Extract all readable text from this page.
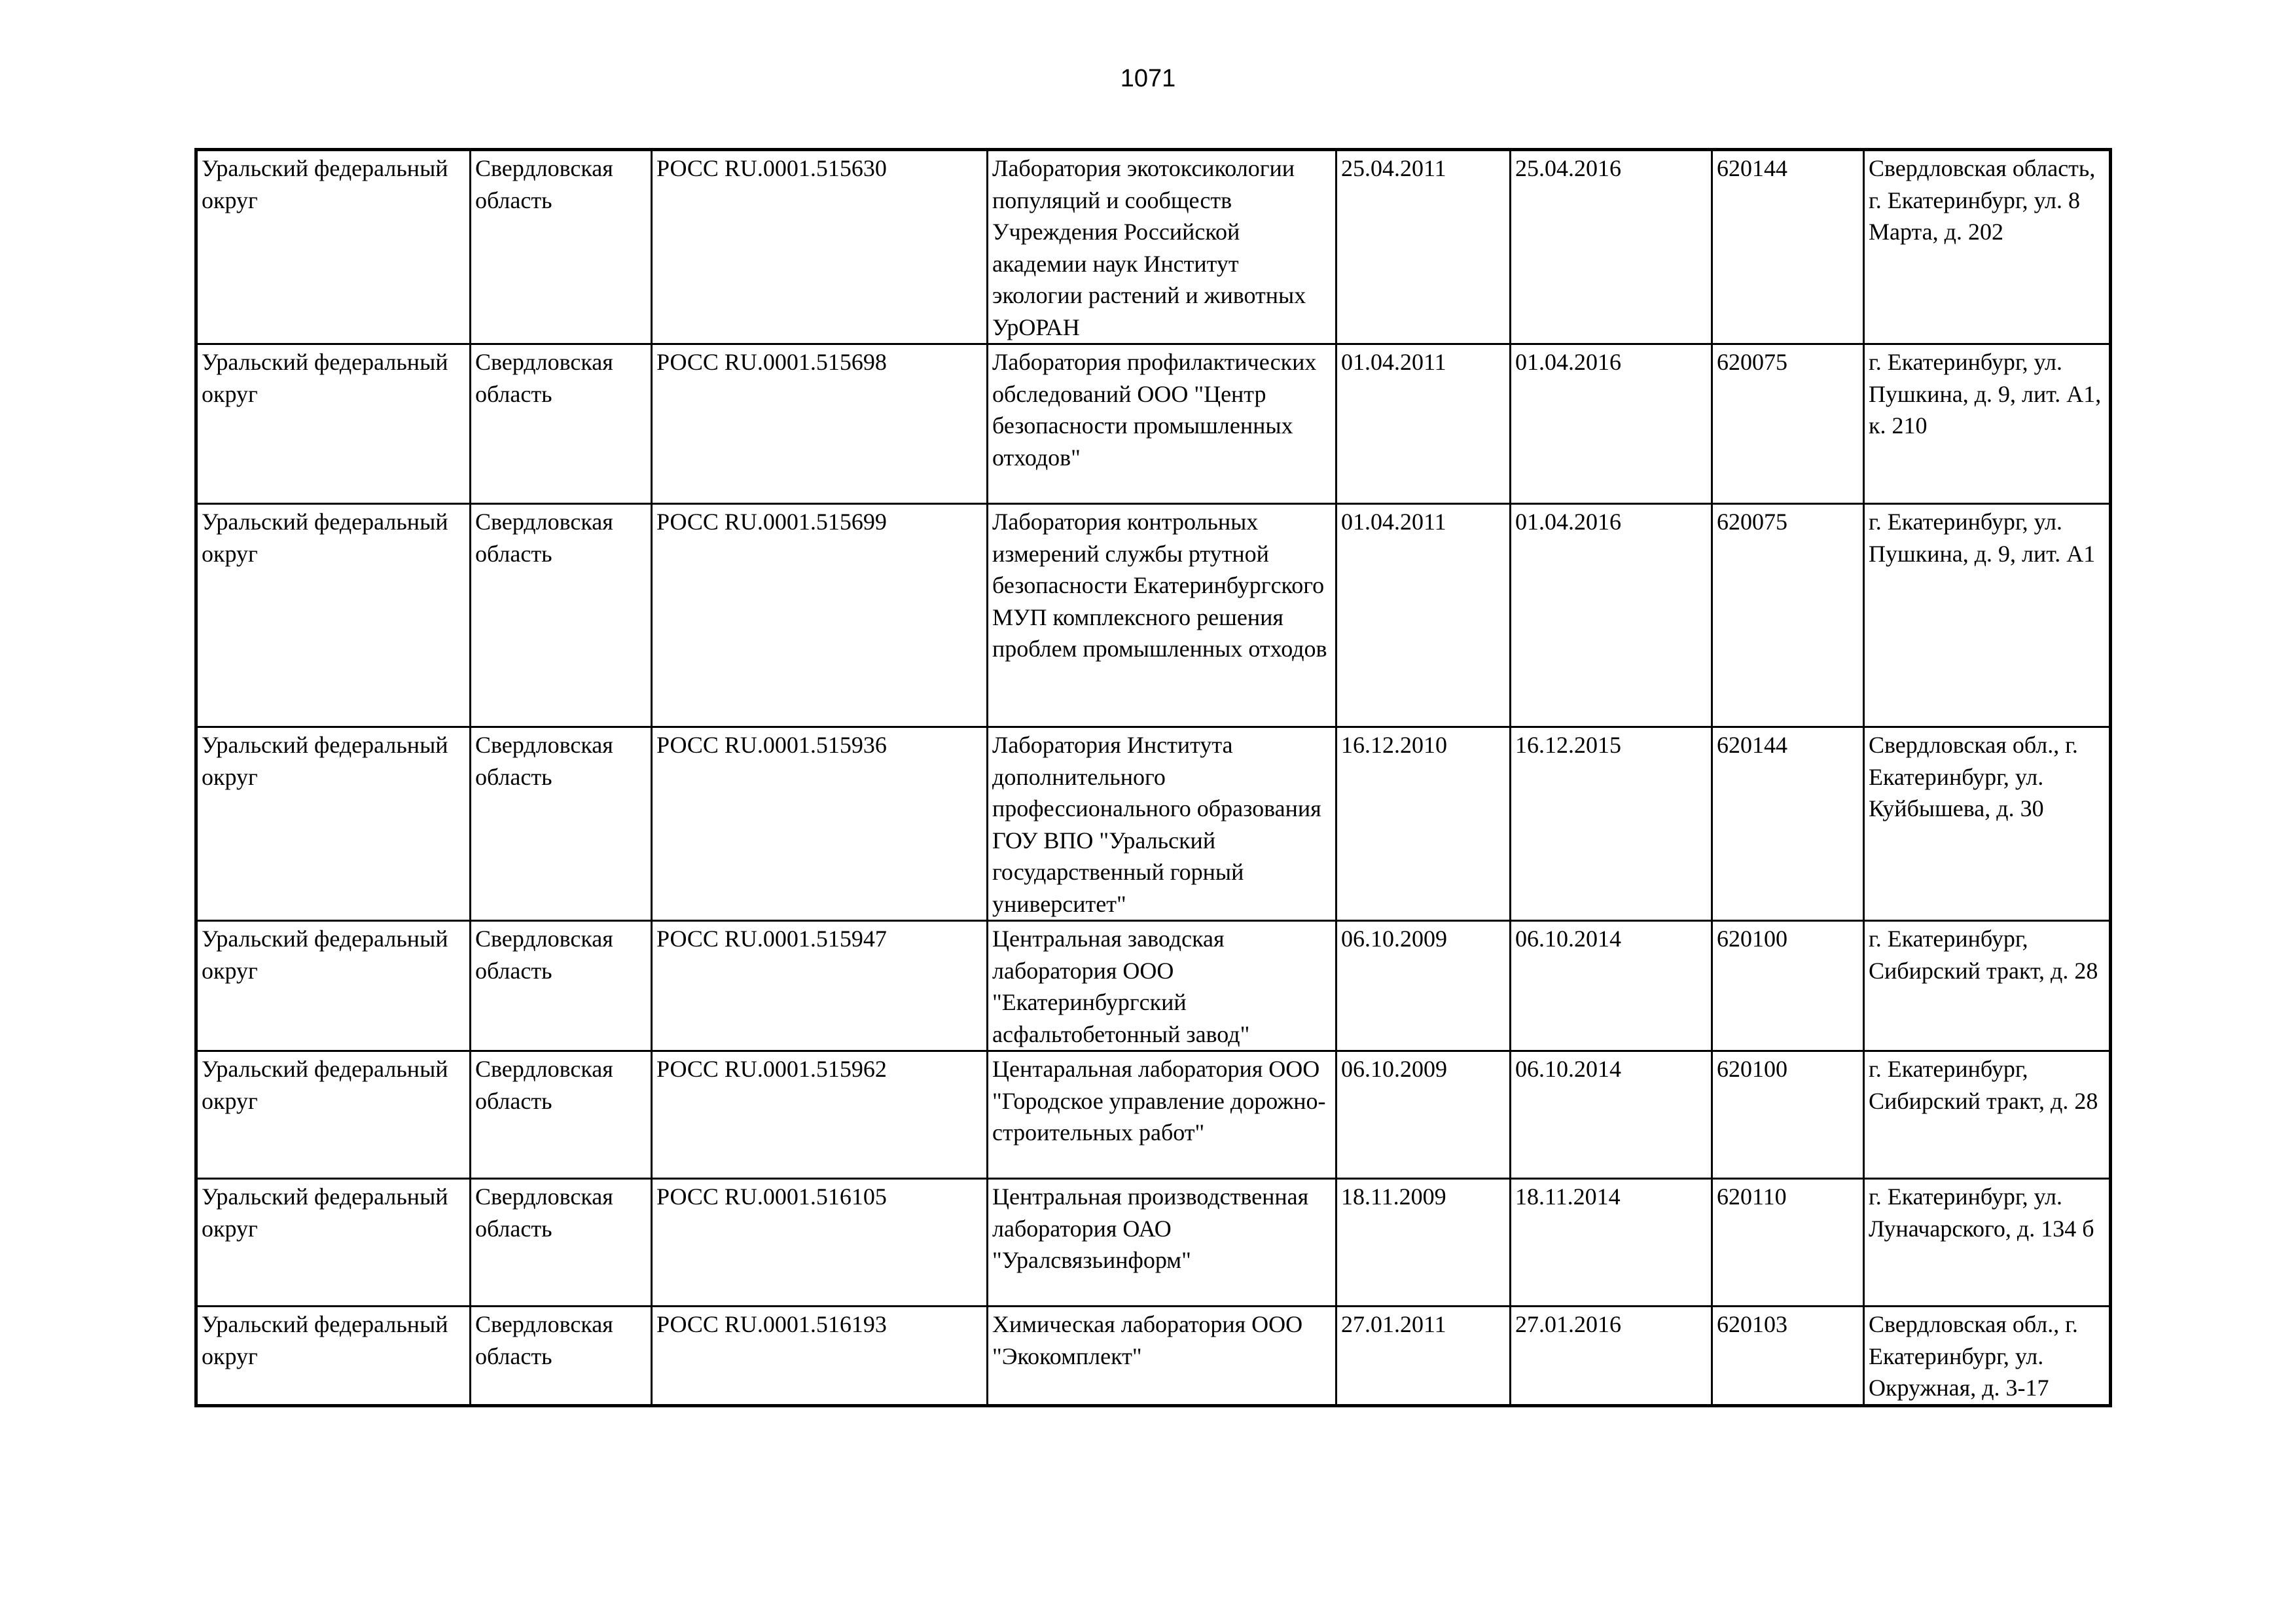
1071
Уральский федеральный округ	Свердловская область	РОСС RU.0001.515630	Лаборатория экотоксикологии популяций и сообществ Учреждения Российской академии наук Институт экологии растений и животных УрОРАН	25.04.2011	25.04.2016	620144	Свердловская область, г. Екатеринбург, ул. 8 Марта, д. 202
Уральский федеральный округ	Свердловская область	РОСС RU.0001.515698	Лаборатория профилактических обследований ООО "Центр безопасности промышленных отходов"	01.04.2011	01.04.2016	620075	г. Екатеринбург, ул. Пушкина, д. 9, лит. А1, к. 210
Уральский федеральный округ	Свердловская область	РОСС RU.0001.515699	Лаборатория контрольных измерений службы ртутной безопасности Екатеринбургского МУП комплексного решения проблем промышленных отходов	01.04.2011	01.04.2016	620075	г. Екатеринбург, ул. Пушкина, д. 9, лит. А1
Уральский федеральный округ	Свердловская область	РОСС RU.0001.515936	Лаборатория Института дополнительного профессионального образования ГОУ ВПО "Уральский государственный горный университет"	16.12.2010	16.12.2015	620144	Свердловская обл., г. Екатеринбург, ул. Куйбышева, д. 30
Уральский федеральный округ	Свердловская область	РОСС RU.0001.515947	Центральная заводская лаборатория ООО "Екатеринбургский асфальтобетонный завод"	06.10.2009	06.10.2014	620100	г. Екатеринбург, Сибирский тракт, д. 28
Уральский федеральный округ	Свердловская область	РОСС RU.0001.515962	Центаральная лаборатория ООО "Городское управление дорожно-строительных работ"	06.10.2009	06.10.2014	620100	г. Екатеринбург, Сибирский тракт, д. 28
Уральский федеральный округ	Свердловская область	РОСС RU.0001.516105	Центральная производственная лаборатория ОАО "Уралсвязьинформ"	18.11.2009	18.11.2014	620110	г. Екатеринбург, ул. Луначарского, д. 134 б
Уральский федеральный округ	Свердловская область	РОСС RU.0001.516193	Химическая лаборатория ООО "Экокомплект"	27.01.2011	27.01.2016	620103	Свердловская обл., г. Екатеринбург, ул. Окружная, д. 3-17
